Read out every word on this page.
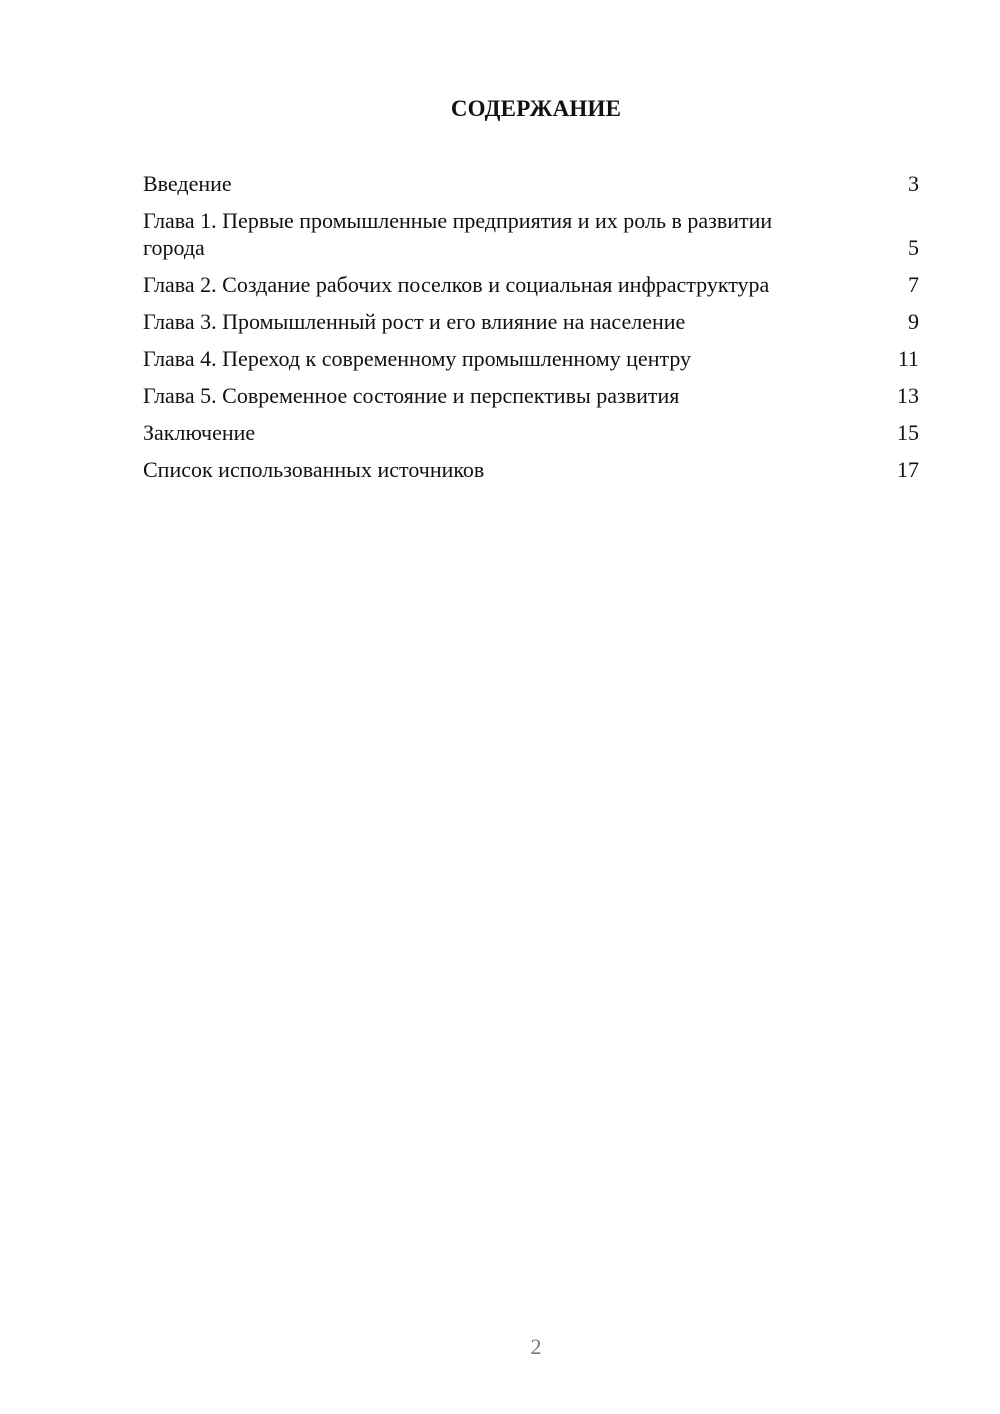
СОДЕРЖАНИЕ
Введение	3
Глава 1. Первые промышленные предприятия и их роль в развитии города	5
Глава 2. Создание рабочих поселков и социальная инфраструктура	7
Глава 3. Промышленный рост и его влияние на население	9
Глава 4. Переход к современному промышленному центру	11
Глава 5. Современное состояние и перспективы развития	13
Заключение	15
Список использованных источников	17
2
